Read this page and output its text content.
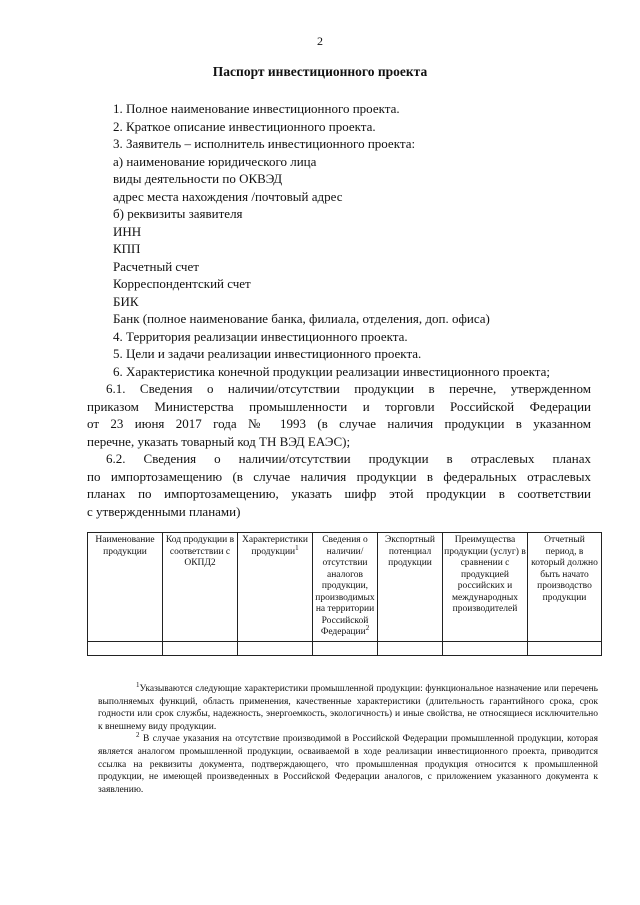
2
Паспорт инвестиционного проекта
1. Полное наименование инвестиционного проекта.
2. Краткое описание инвестиционного проекта.
3. Заявитель – исполнитель инвестиционного проекта:
а) наименование юридического лица
виды деятельности по ОКВЭД
адрес места нахождения /почтовый адрес
б) реквизиты заявителя
ИНН
КПП
Расчетный счет
Корреспондентский счет
БИК
Банк (полное наименование банка, филиала, отделения, доп. офиса)
4. Территория реализации инвестиционного проекта.
5. Цели и задачи реализации инвестиционного проекта.
6. Характеристика конечной продукции реализации инвестиционного проекта;
6.1. Сведения о наличии/отсутствии продукции в перечне, утвержденном
приказом Министерства промышленности и торговли Российской Федерации
от 23 июня 2017 года № 1993 (в случае наличия продукции в указанном
перечне, указать товарный код ТН ВЭД ЕАЭС);
6.2. Сведения о наличии/отсутствии продукции в отраслевых планах
по импортозамещению (в случае наличия продукции в федеральных отраслевых
планах по импортозамещению, указать шифр этой продукции в соответствии
с утвержденными планами)
Наименование продукции	Код продукции в соответствии с ОКПД2	Характеристики продукции$^1$	Сведения о наличии/ отсутствии аналогов продукции, производимых на территории Российской Федерации$^2$	Экспортный потенциал продукции	Преимущества продукции (услуг) в сравнении с продукцией российских и международных производителей	Отчетный период, в который должно быть начато производство продукции

$^1$Указываются следующие характеристики промышленной продукции: функциональное назначение или перечень выполняемых функций, область применения, качественные характеристики (длительность гарантийного срока, срок годности или срок службы, надежность, энергоемкость, экологичность) и иные свойства, не относящиеся исключительно к внешнему виду продукции.

$^2$ В случае указания на отсутствие производимой в Российской Федерации промышленной продукции, которая является аналогом промышленной продукции, осваиваемой в ходе реализации инвестиционного проекта, приводится ссылка на реквизиты документа, подтверждающего, что промышленная продукция относится к промышленной продукции, не имеющей произведенных в Российской Федерации аналогов, с приложением указанного документа к заявлению.
